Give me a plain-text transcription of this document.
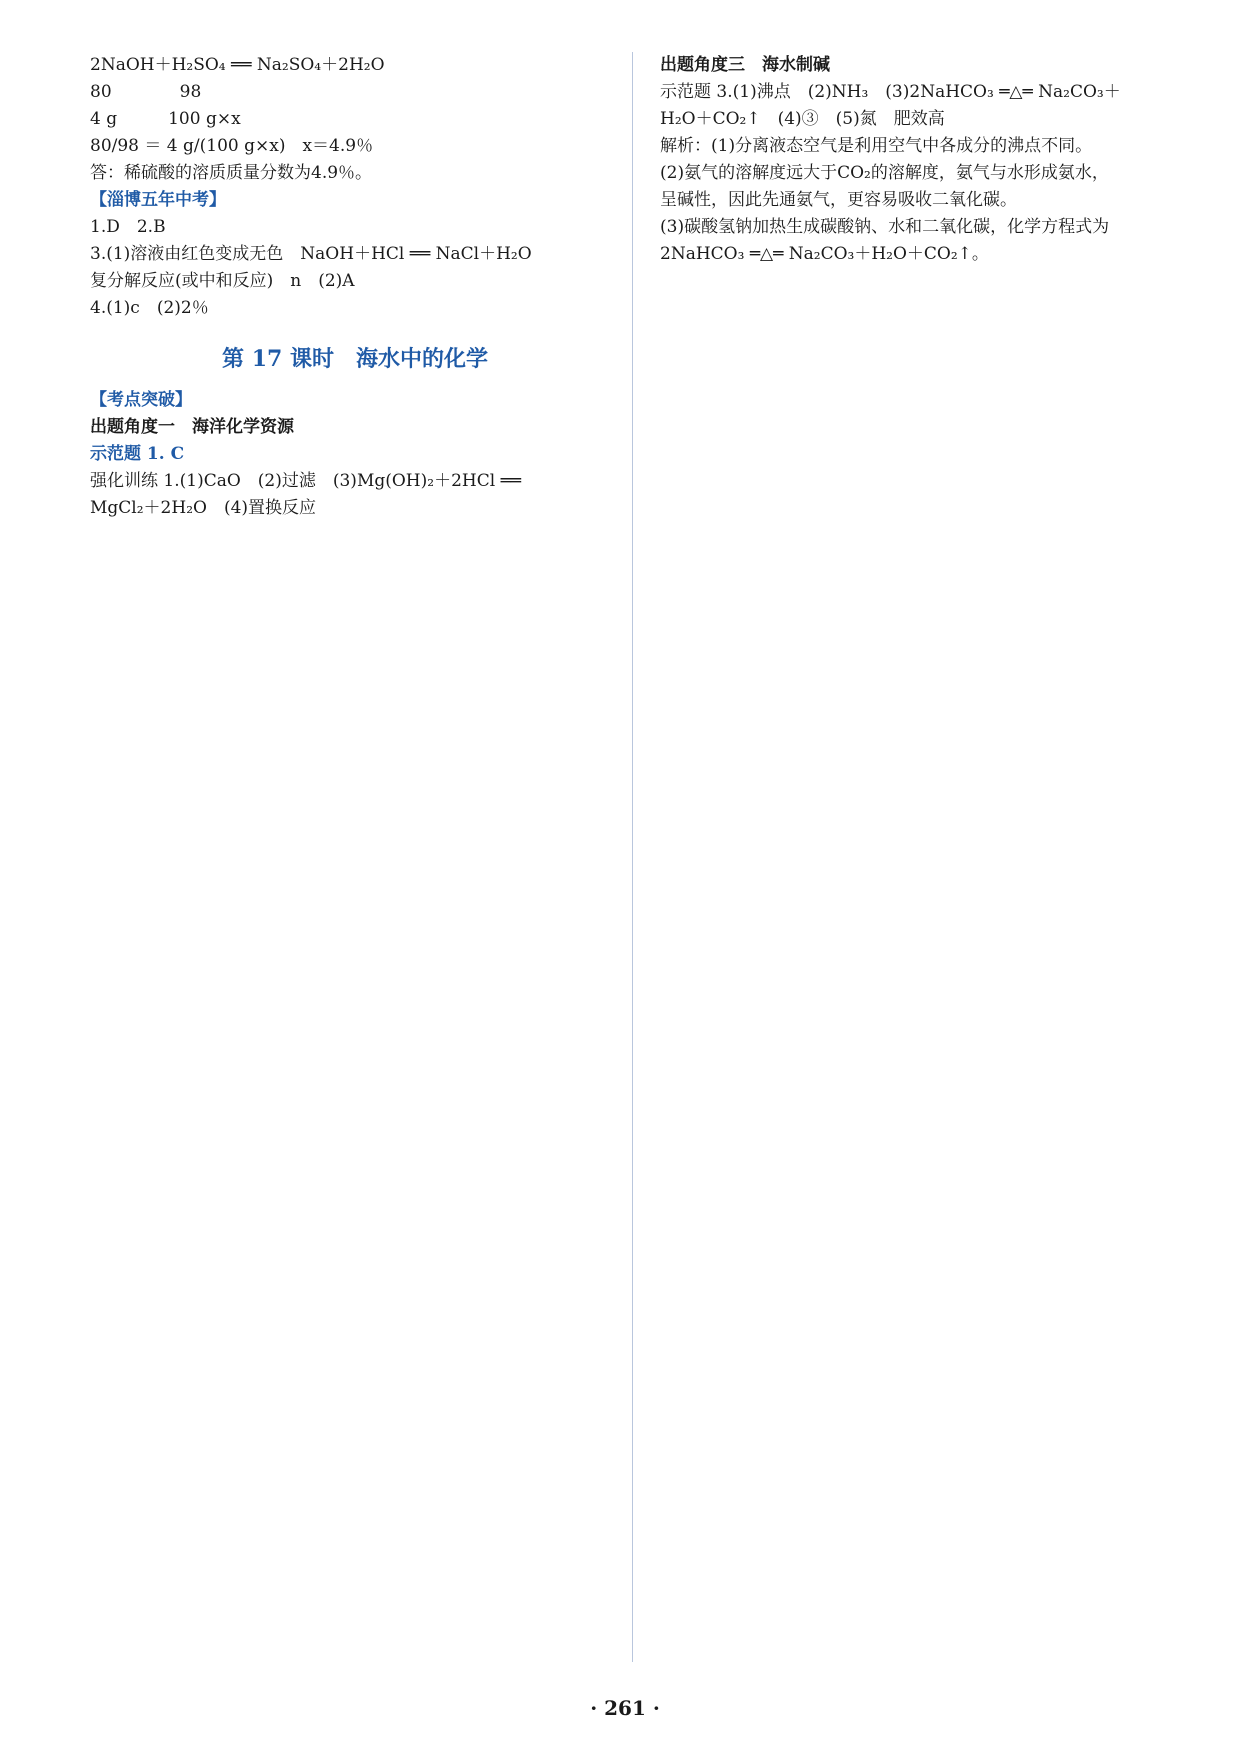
2NaOH＋H₂SO₄ ══ Na₂SO₄＋2H₂O
80　　　　98
4 g　　　100 g×x
80/98 ＝ 4 g/(100 g×x)　x＝4.9％
答：稀硫酸的溶质质量分数为4.9％。
【淄博五年中考】
1.D　2.B
3.(1)溶液由红色变成无色　NaOH＋HCl ══ NaCl＋H₂O
复分解反应(或中和反应)　n　(2)A
4.(1)c　(2)2％
第 17 课时　海水中的化学
【考点突破】
出题角度一　海洋化学资源
示范题 1. C
强化训练 1.(1)CaO　(2)过滤　(3)Mg(OH)₂＋2HCl ══
MgCl₂＋2H₂O　(4)置换反应
出题角度三　海水制碱
示范题 3.(1)沸点　(2)NH₃　(3)2NaHCO₃ ═△═ Na₂CO₃＋
H₂O＋CO₂↑　(4)③　(5)氮　肥效高
解析：(1)分离液态空气是利用空气中各成分的沸点不同。
(2)氨气的溶解度远大于CO₂的溶解度，氨气与水形成氨水，
呈碱性，因此先通氨气，更容易吸收二氧化碳。
(3)碳酸氢钠加热生成碳酸钠、水和二氧化碳，化学方程式为
2NaHCO₃ ═△═ Na₂CO₃＋H₂O＋CO₂↑。
· 261 ·
